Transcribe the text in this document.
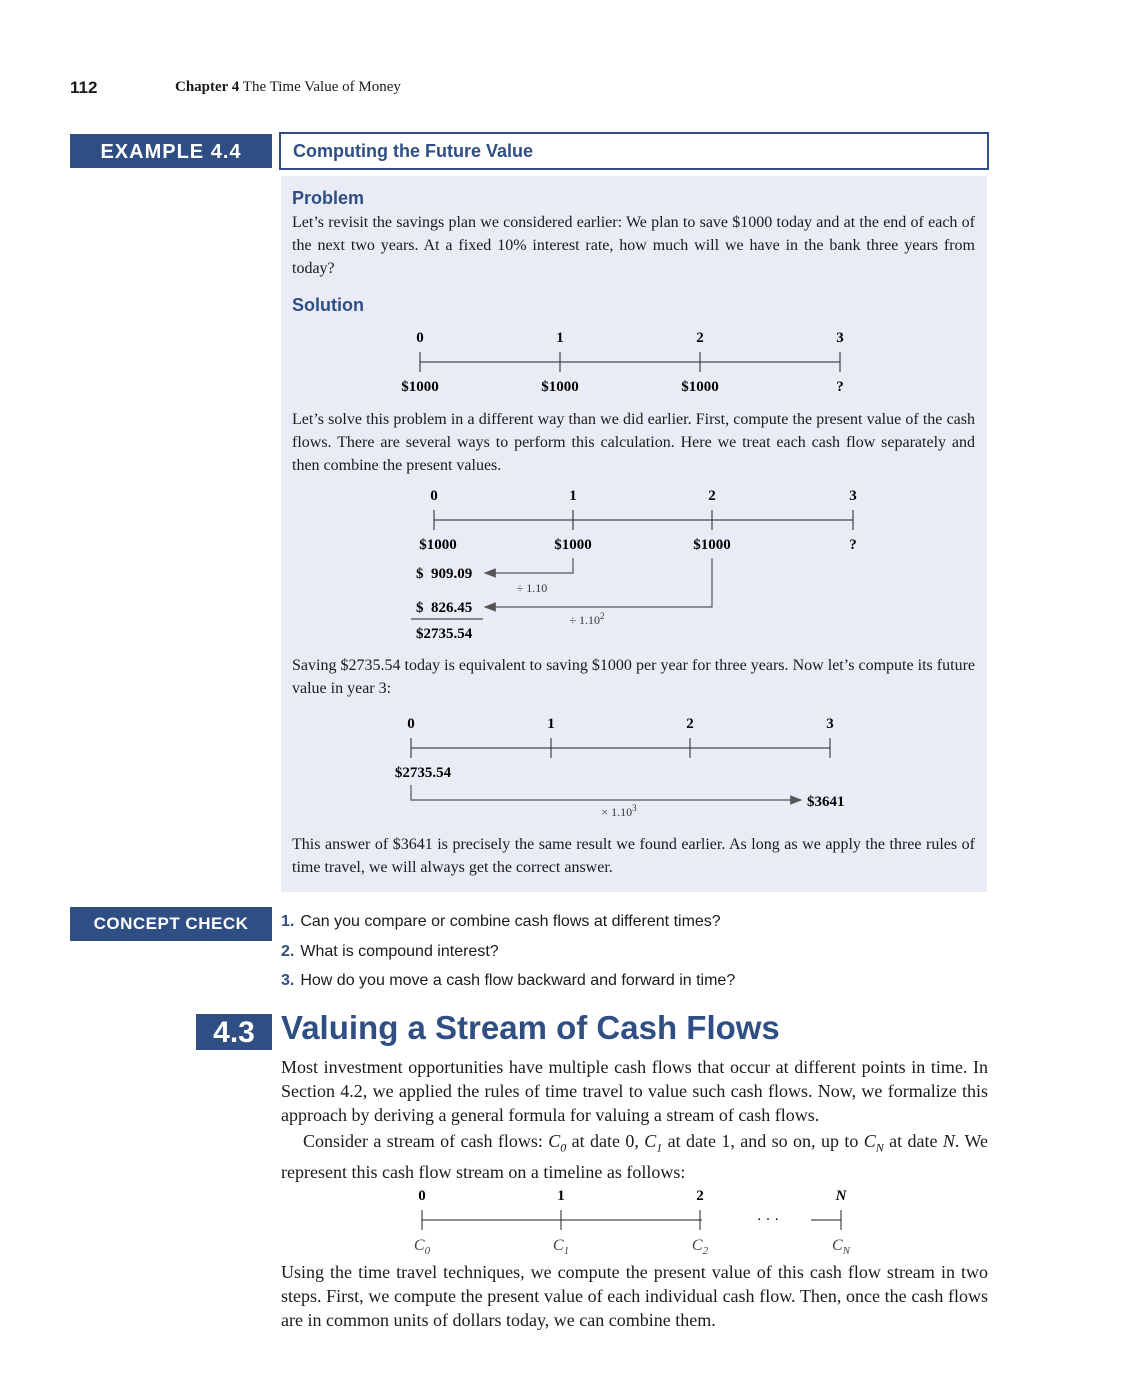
112	Chapter 4 The Time Value of Money
EXAMPLE 4.4	Computing the Future Value
Problem
Let’s revisit the savings plan we considered earlier: We plan to save $1000 today and at the end of each of the next two years. At a fixed 10% interest rate, how much will we have in the bank three years from today?
Solution
0	1	2	3
$1000	$1000	$1000	?
Let’s solve this problem in a different way than we did earlier. First, compute the present value of the cash flows. There are several ways to perform this calculation. Here we treat each cash flow separately and then combine the present values.
0	1	2	3
$1000	$1000	$1000	?
$  909.09
$  826.45
$2735.54
÷ 1.10
÷ $1.10^2$
Saving $2735.54 today is equivalent to saving $1000 per year for three years. Now let’s compute its future value in year 3:
0	1	2	3
$2735.54
$3641
× $1.10^3$
This answer of $3641 is precisely the same result we found earlier. As long as we apply the three rules of time travel, we will always get the correct answer.
CONCEPT CHECK	1. Can you compare or combine cash flows at different times?
2. What is compound interest?
3. How do you move a cash flow backward and forward in time?
4.3 Valuing a Stream of Cash Flows
Most investment opportunities have multiple cash flows that occur at different points in time. In Section 4.2, we applied the rules of time travel to value such cash flows. Now, we formalize this approach by deriving a general formula for valuing a stream of cash flows.
Consider a stream of cash flows: $C_0$ at date 0, $C_1$ at date 1, and so on, up to $C_N$ at date N. We represent this cash flow stream on a timeline as follows:
0	1	2	N
· · ·
$C_0$	$C_1$	$C_2$	$C_N$
Using the time travel techniques, we compute the present value of this cash flow stream in two steps. First, we compute the present value of each individual cash flow. Then, once the cash flows are in common units of dollars today, we can combine them.
